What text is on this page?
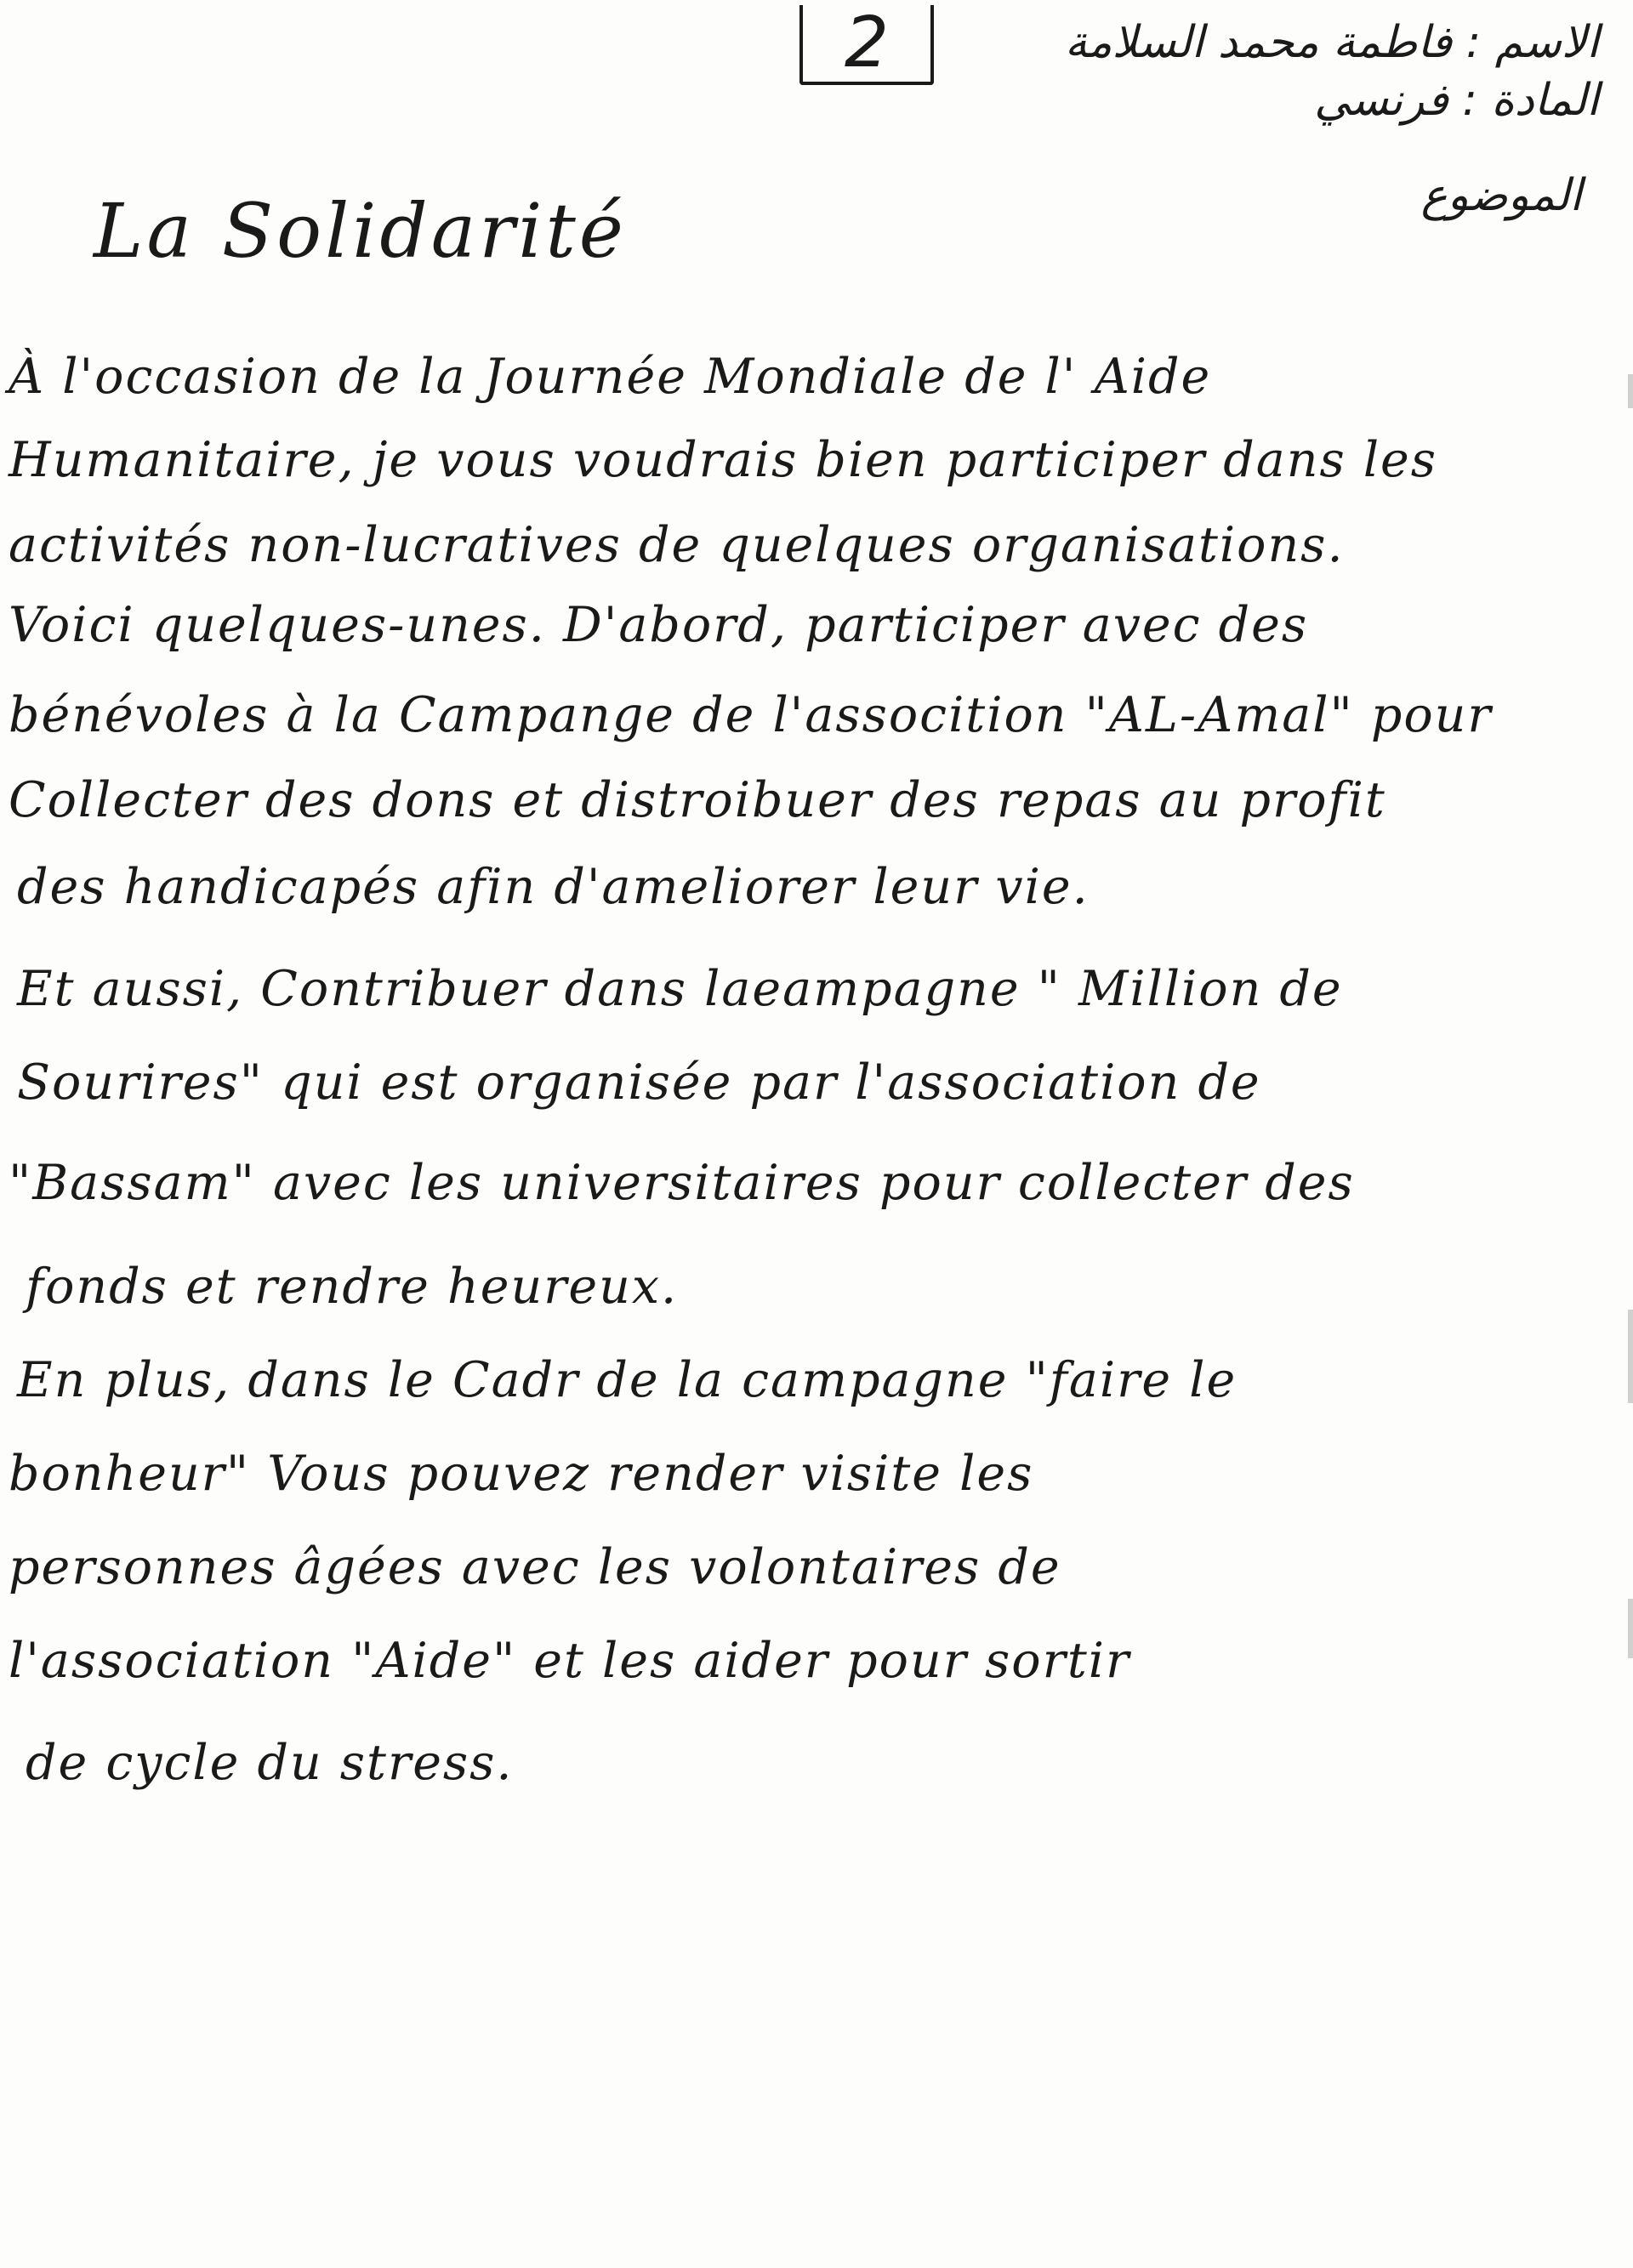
2	الاسم : فاطمة محمد السلامة
المادة : فرنسي
الموضوع
La Solidarité
À l'occasion de la Journée Mondiale de l' Aide
Humanitaire, je vous voudrais bien participer dans les
activités non-lucratives de quelques organisations.
Voici quelques-unes. D'abord, participer avec des
bénévoles à la Campange de l'assocition "AL-Amal" pour
Collecter des dons et distroibuer des repas au profit
des handicapés afin d'ameliorer leur vie.
Et aussi, Contribuer dans laeampagne " Million de
Sourires" qui est organisée par l'association de
"Bassam" avec les universitaires pour collecter des
fonds et rendre heureux.
En plus, dans le Cadr de la campagne "faire le
bonheur" Vous pouvez render visite les
personnes âgées avec les volontaires de
l'association "Aide" et les aider pour sortir
de cycle du stress.
